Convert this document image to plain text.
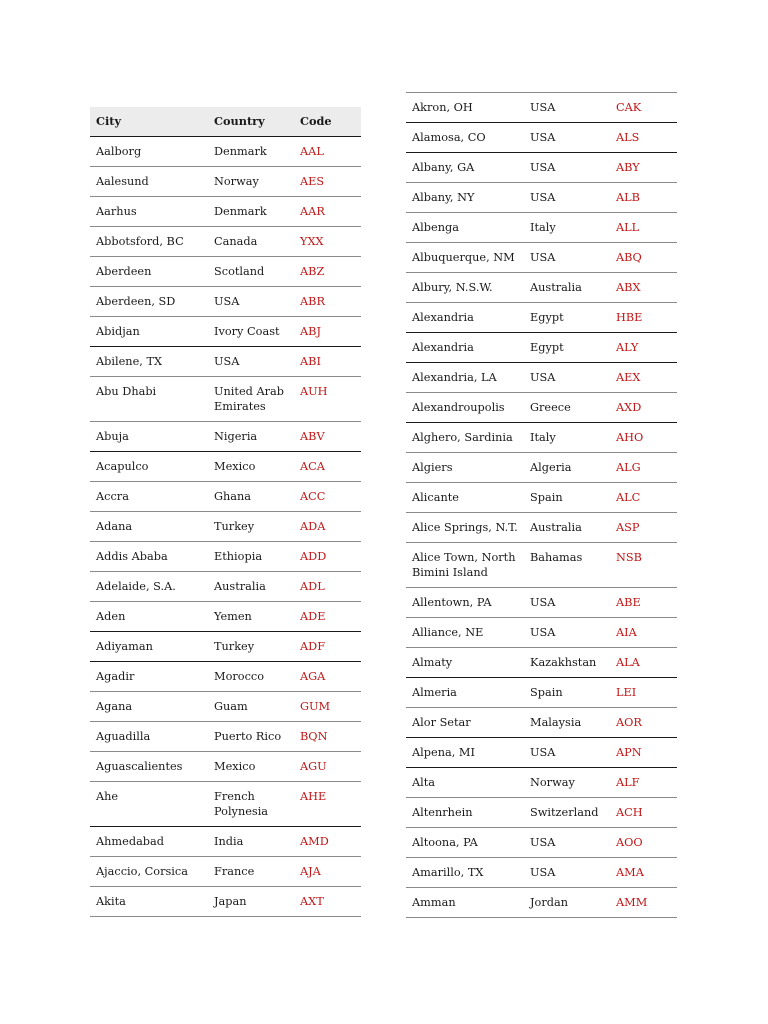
City	Country	Code
Aalborg	Denmark	AAL
Aalesund	Norway	AES
Aarhus	Denmark	AAR
Abbotsford, BC	Canada	YXX
Aberdeen	Scotland	ABZ
Aberdeen, SD	USA	ABR
Abidjan	Ivory Coast	ABJ
Abilene, TX	USA	ABI
Abu Dhabi	United Arab Emirates	AUH
Abuja	Nigeria	ABV
Acapulco	Mexico	ACA
Accra	Ghana	ACC
Adana	Turkey	ADA
Addis Ababa	Ethiopia	ADD
Adelaide, S.A.	Australia	ADL
Aden	Yemen	ADE
Adiyaman	Turkey	ADF
Agadir	Morocco	AGA
Agana	Guam	GUM
Aguadilla	Puerto Rico	BQN
Aguascalientes	Mexico	AGU
Ahe	French Polynesia	AHE
Ahmedabad	India	AMD
Ajaccio, Corsica	France	AJA
Akita	Japan	AXT
Akron, OH	USA	CAK
Alamosa, CO	USA	ALS
Albany, GA	USA	ABY
Albany, NY	USA	ALB
Albenga	Italy	ALL
Albuquerque, NM	USA	ABQ
Albury, N.S.W.	Australia	ABX
Alexandria	Egypt	HBE
Alexandria	Egypt	ALY
Alexandria, LA	USA	AEX
Alexandroupolis	Greece	AXD
Alghero, Sardinia	Italy	AHO
Algiers	Algeria	ALG
Alicante	Spain	ALC
Alice Springs, N.T.	Australia	ASP
Alice Town, North Bimini Island	Bahamas	NSB
Allentown, PA	USA	ABE
Alliance, NE	USA	AIA
Almaty	Kazakhstan	ALA
Almeria	Spain	LEI
Alor Setar	Malaysia	AOR
Alpena, MI	USA	APN
Alta	Norway	ALF
Altenrhein	Switzerland	ACH
Altoona, PA	USA	AOO
Amarillo, TX	USA	AMA
Amman	Jordan	AMM
